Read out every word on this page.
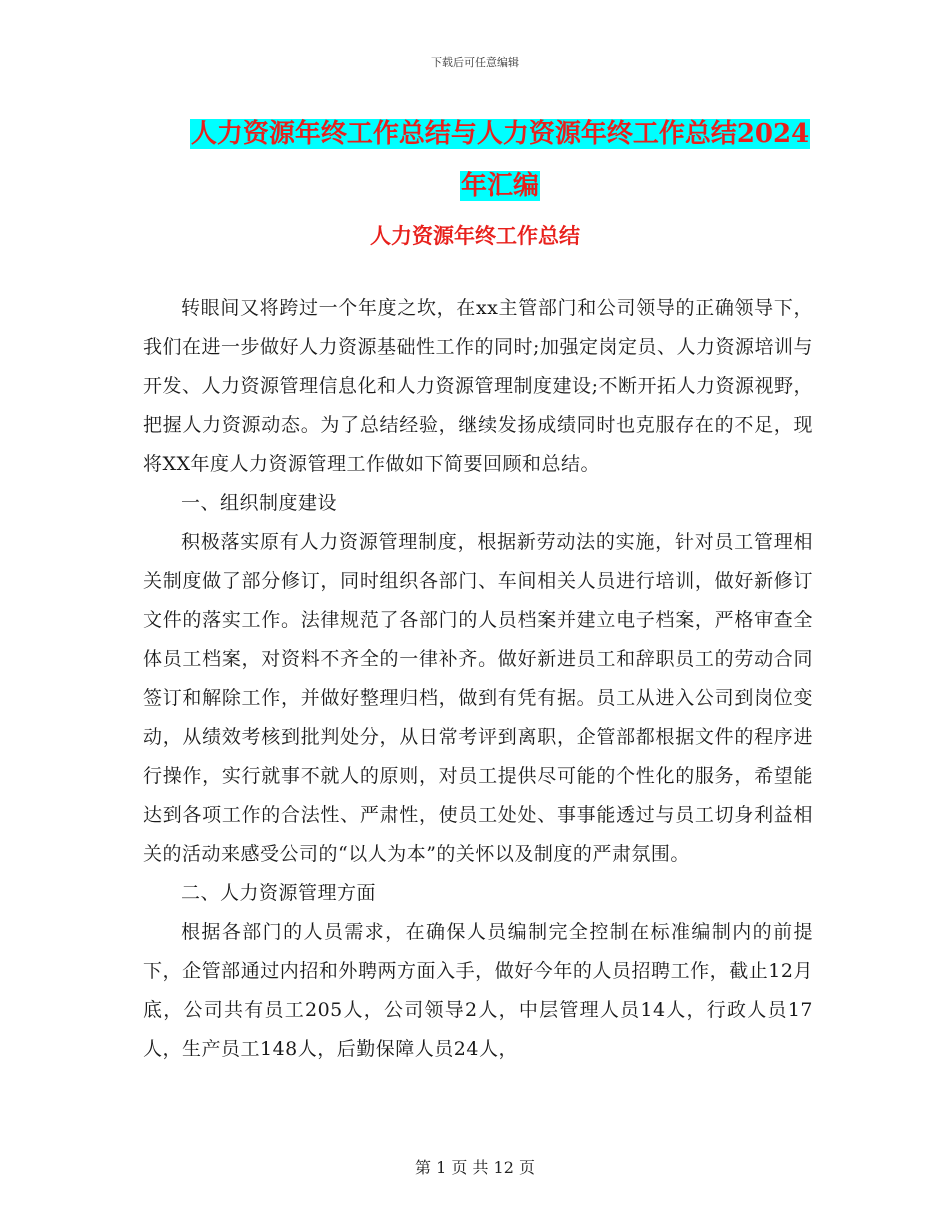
下载后可任意编辑
人力资源年终工作总结与人力资源年终工作总结2024
年汇编
人力资源年终工作总结

转眼间又将跨过一个年度之坎，在xx主管部门和公司领导的正确领导下，我们在进一步做好人力资源基础性工作的同时;加强定岗定员、人力资源培训与开发、人力资源管理信息化和人力资源管理制度建设;不断开拓人力资源视野，把握人力资源动态。为了总结经验，继续发扬成绩同时也克服存在的不足，现将XX年度人力资源管理工作做如下简要回顾和总结。

一、组织制度建设

积极落实原有人力资源管理制度，根据新劳动法的实施，针对员工管理相关制度做了部分修订，同时组织各部门、车间相关人员进行培训，做好新修订文件的落实工作。法律规范了各部门的人员档案并建立电子档案，严格审查全体员工档案，对资料不齐全的一律补齐。做好新进员工和辞职员工的劳动合同签订和解除工作，并做好整理归档，做到有凭有据。员工从进入公司到岗位变动，从绩效考核到批判处分，从日常考评到离职，企管部都根据文件的程序进行操作，实行就事不就人的原则，对员工提供尽可能的个性化的服务，希望能达到各项工作的合法性、严肃性，使员工处处、事事能透过与员工切身利益相关的活动来感受公司的“以人为本”的关怀以及制度的严肃氛围。

二、人力资源管理方面

根据各部门的人员需求，在确保人员编制完全控制在标准编制内的前提下，企管部通过内招和外聘两方面入手，做好今年的人员招聘工作，截止12月底，公司共有员工205人，公司领导2人，中层管理人员14人，行政人员17人，生产员工148人，后勤保障人员24人，

第 1 页 共 12 页
